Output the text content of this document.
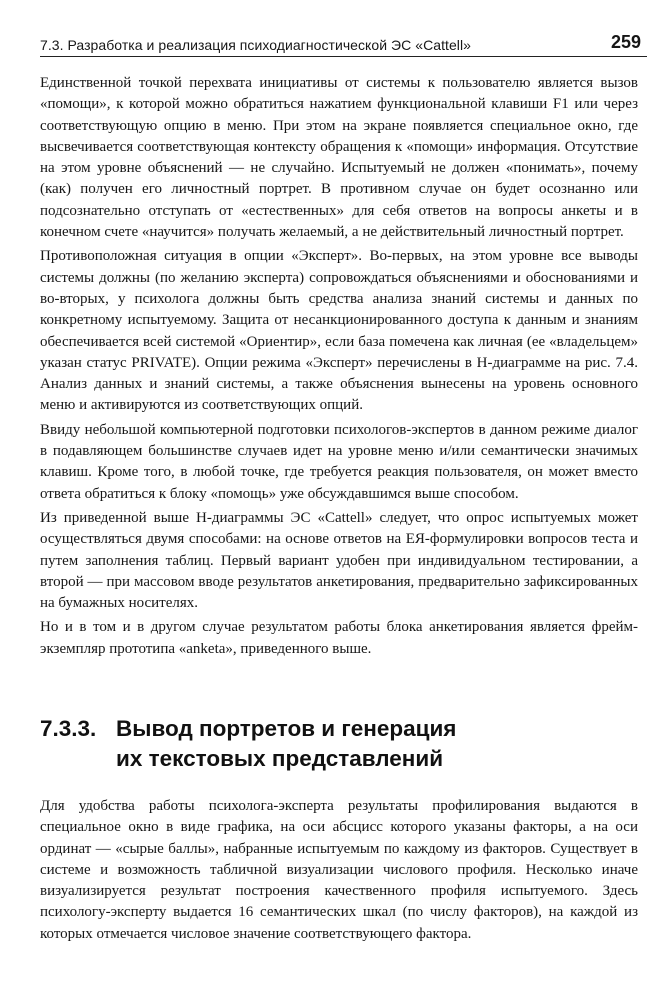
7.3. Разработка и реализация психодиагностической ЭС «Cattell»	259

Единственной точкой перехвата инициативы от системы к пользователю является вызов «помощи», к которой можно обратиться нажатием функциональной клавиши F1 или через соответствующую опцию в меню. При этом на экране появляется специальное окно, где высвечивается соответствующая контексту обращения к «помощи» информация. Отсутствие на этом уровне объяснений — не случайно. Испытуемый не должен «понимать», почему (как) получен его личностный портрет. В противном случае он будет осознанно или подсознательно отступать от «естественных» для себя ответов на вопросы анкеты и в конечном счете «научится» получать желаемый, а не действительный личностный портрет.

Противоположная ситуация в опции «Эксперт». Во-первых, на этом уровне все выводы системы должны (по желанию эксперта) сопровождаться объяснениями и обоснованиями и во-вторых, у психолога должны быть средства анализа знаний системы и данных по конкретному испытуемому. Защита от несанкционированного доступа к данным и знаниям обеспечивается всей системой «Ориентир», если база помечена как личная (ее «владельцем» указан статус PRIVATE). Опции режима «Эксперт» перечислены в Н-диаграмме на рис. 7.4. Анализ данных и знаний системы, а также объяснения вынесены на уровень основного меню и активируются из соответствующих опций.

Ввиду небольшой компьютерной подготовки психологов-экспертов в данном режиме диалог в подавляющем большинстве случаев идет на уровне меню и/или семантически значимых клавиш. Кроме того, в любой точке, где требуется реакция пользователя, он может вместо ответа обратиться к блоку «помощь» уже обсуждавшимся выше способом.

Из приведенной выше Н-диаграммы ЭС «Cattell» следует, что опрос испытуемых может осуществляться двумя способами: на основе ответов на ЕЯ-формулировки вопросов теста и путем заполнения таблиц. Первый вариант удобен при индивидуальном тестировании, а второй — при массовом вводе результатов анкетирования, предварительно зафиксированных на бумажных носителях.

Но и в том и в другом случае результатом работы блока анкетирования является фрейм-экземпляр прототипа «anketa», приведенного выше.

7.3.3. Вывод портретов и генерация
их текстовых представлений

Для удобства работы психолога-эксперта результаты профилирования выдаются в специальное окно в виде графика, на оси абсцисс которого указаны факторы, а на оси ординат — «сырые баллы», набранные испытуемым по каждому из факторов. Существует в системе и возможность табличной визуализации числового профиля. Несколько иначе визуализируется результат построения качественного профиля испытуемого. Здесь психологу-эксперту выдается 16 семантических шкал (по числу факторов), на каждой из которых отмечается числовое значение соответствующего фактора.
